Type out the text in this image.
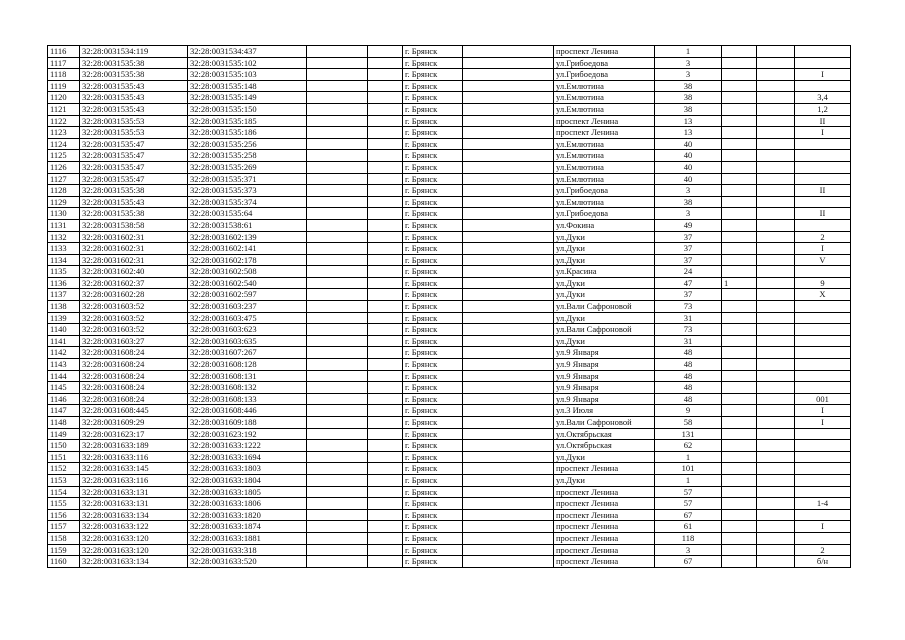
1116	32:28:0031534:119	32:28:0031534:437			г. Брянск		проспект Ленина	1			
1117	32:28:0031535:38	32:28:0031535:102			г. Брянск		ул.Грибоедова	3			
1118	32:28:0031535:38	32:28:0031535:103			г. Брянск		ул.Грибоедова	3			I
1119	32:28:0031535:43	32:28:0031535:148			г. Брянск		ул.Емлютина	38			
1120	32:28:0031535:43	32:28:0031535:149			г. Брянск		ул.Емлютина	38			3,4
1121	32:28:0031535:43	32:28:0031535:150			г. Брянск		ул.Емлютина	38			1,2
1122	32:28:0031535:53	32:28:0031535:185			г. Брянск		проспект Ленина	13			II
1123	32:28:0031535:53	32:28:0031535:186			г. Брянск		проспект Ленина	13			I
1124	32:28:0031535:47	32:28:0031535:256			г. Брянск		ул.Емлютина	40			
1125	32:28:0031535:47	32:28:0031535:258			г. Брянск		ул.Емлютина	40			
1126	32:28:0031535:47	32:28:0031535:269			г. Брянск		ул.Емлютина	40			
1127	32:28:0031535:47	32:28:0031535:371			г. Брянск		ул.Емлютина	40			
1128	32:28:0031535:38	32:28:0031535:373			г. Брянск		ул.Грибоедова	3			II
1129	32:28:0031535:43	32:28:0031535:374			г. Брянск		ул.Емлютина	38			
1130	32:28:0031535:38	32:28:0031535:64			г. Брянск		ул.Грибоедова	3			II
1131	32:28:0031538:58	32:28:0031538:61			г. Брянск		ул.Фокина	49			
1132	32:28:0031602:31	32:28:0031602:139			г. Брянск		ул.Дуки	37			2
1133	32:28:0031602:31	32:28:0031602:141			г. Брянск		ул.Дуки	37			I
1134	32:28:0031602:31	32:28:0031602:178			г. Брянск		ул.Дуки	37			V
1135	32:28:0031602:40	32:28:0031602:508			г. Брянск		ул.Красина	24			
1136	32:28:0031602:37	32:28:0031602:540			г. Брянск		ул.Дуки	47	1		9
1137	32:28:0031602:28	32:28:0031602:597			г. Брянск		ул.Дуки	37			X
1138	32:28:0031603:52	32:28:0031603:237			г. Брянск		ул.Вали Сафроновой	73			
1139	32:28:0031603:52	32:28:0031603:475			г. Брянск		ул.Дуки	31			
1140	32:28:0031603:52	32:28:0031603:623			г. Брянск		ул.Вали Сафроновой	73			
1141	32:28:0031603:27	32:28:0031603:635			г. Брянск		ул.Дуки	31			
1142	32:28:0031608:24	32:28:0031607:267			г. Брянск		ул.9 Января	48			
1143	32:28:0031608:24	32:28:0031608:128			г. Брянск		ул.9 Января	48			
1144	32:28:0031608:24	32:28:0031608:131			г. Брянск		ул.9 Января	48			
1145	32:28:0031608:24	32:28:0031608:132			г. Брянск		ул.9 Января	48			
1146	32:28:0031608:24	32:28:0031608:133			г. Брянск		ул.9 Января	48			001
1147	32:28:0031608:445	32:28:0031608:446			г. Брянск		ул.3 Июля	9			I
1148	32:28:0031609:29	32:28:0031609:188			г. Брянск		ул.Вали Сафроновой	58			I
1149	32:28:0031623:17	32:28:0031623:192			г. Брянск		ул.Октябрьская	131			
1150	32:28:0031633:189	32:28:0031633:1222			г. Брянск		ул.Октябрьская	62			
1151	32:28:0031633:116	32:28:0031633:1694			г. Брянск		ул.Дуки	1			
1152	32:28:0031633:145	32:28:0031633:1803			г. Брянск		проспект Ленина	101			
1153	32:28:0031633:116	32:28:0031633:1804			г. Брянск		ул.Дуки	1			
1154	32:28:0031633:131	32:28:0031633:1805			г. Брянск		проспект Ленина	57			
1155	32:28:0031633:131	32:28:0031633:1806			г. Брянск		проспект Ленина	57			1-4
1156	32:28:0031633:134	32:28:0031633:1820			г. Брянск		проспект Ленина	67			
1157	32:28:0031633:122	32:28:0031633:1874			г. Брянск		проспект Ленина	61			I
1158	32:28:0031633:120	32:28:0031633:1881			г. Брянск		проспект Ленина	118			
1159	32:28:0031633:120	32:28:0031633:318			г. Брянск		проспект Ленина	3			2
1160	32:28:0031633:134	32:28:0031633:520			г. Брянск		проспект Ленина	67			б/н
